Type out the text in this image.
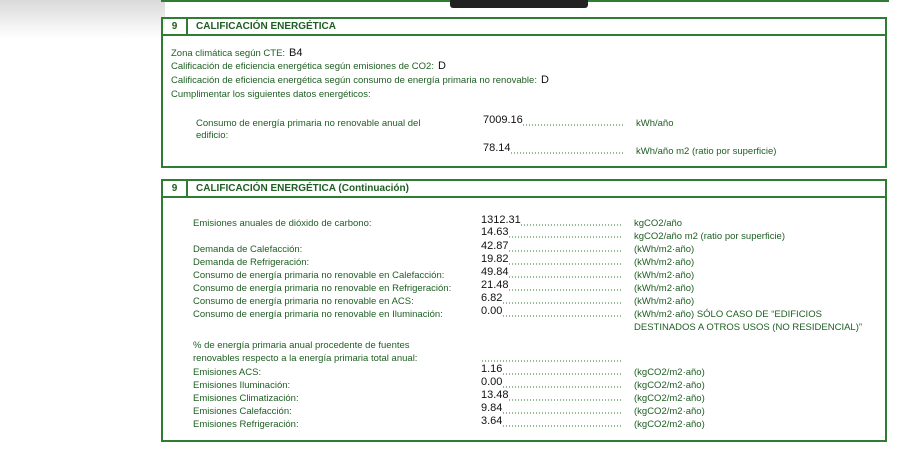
9	CALIFICACIÓN ENERGÉTICA
Zona climática según CTE: B4
Calificación de eficiencia energética según emisiones de CO2: D
Calificación de eficiencia energética según consumo de energía primaria no renovable: D
Cumplimentar los siguientes datos energéticos:
Consumo de energía primaria no renovable anual del
edificio:
7009.16	kWh/año
78.14	kWh/año m2 (ratio por superficie)
9	CALIFICACIÓN ENERGÉTICA (Continuación)
Emisiones anuales de dióxido de carbono:	1312.31	kgCO2/año
14.63	kgCO2/año m2 (ratio por superficie)
Demanda de Calefacción:	42.87	(kWh/m2·año)
Demanda de Refrigeración:	19.82	(kWh/m2·año)
Consumo de energía primaria no renovable en Calefacción:	49.84	(kWh/m2·año)
Consumo de energía primaria no renovable en Refrigeración:	21.48	(kWh/m2·año)
Consumo de energía primaria no renovable en ACS:	6.82	(kWh/m2·año)
Consumo de energía primaria no renovable en Iluminación:	0.00	(kWh/m2·año) SÓLO CASO DE “EDIFICIOS
DESTINADOS A OTROS USOS (NO RESIDENCIAL)”
% de energía primaria anual procedente de fuentes
renovables respecto a la energía primaria total anual:
Emisiones ACS:	1.16	(kgCO2/m2·año)
Emisiones Iluminación:	0.00	(kgCO2/m2·año)
Emisiones Climatización:	13.48	(kgCO2/m2·año)
Emisiones Calefacción:	9.84	(kgCO2/m2·año)
Emisiones Refrigeración:	3.64	(kgCO2/m2·año)
